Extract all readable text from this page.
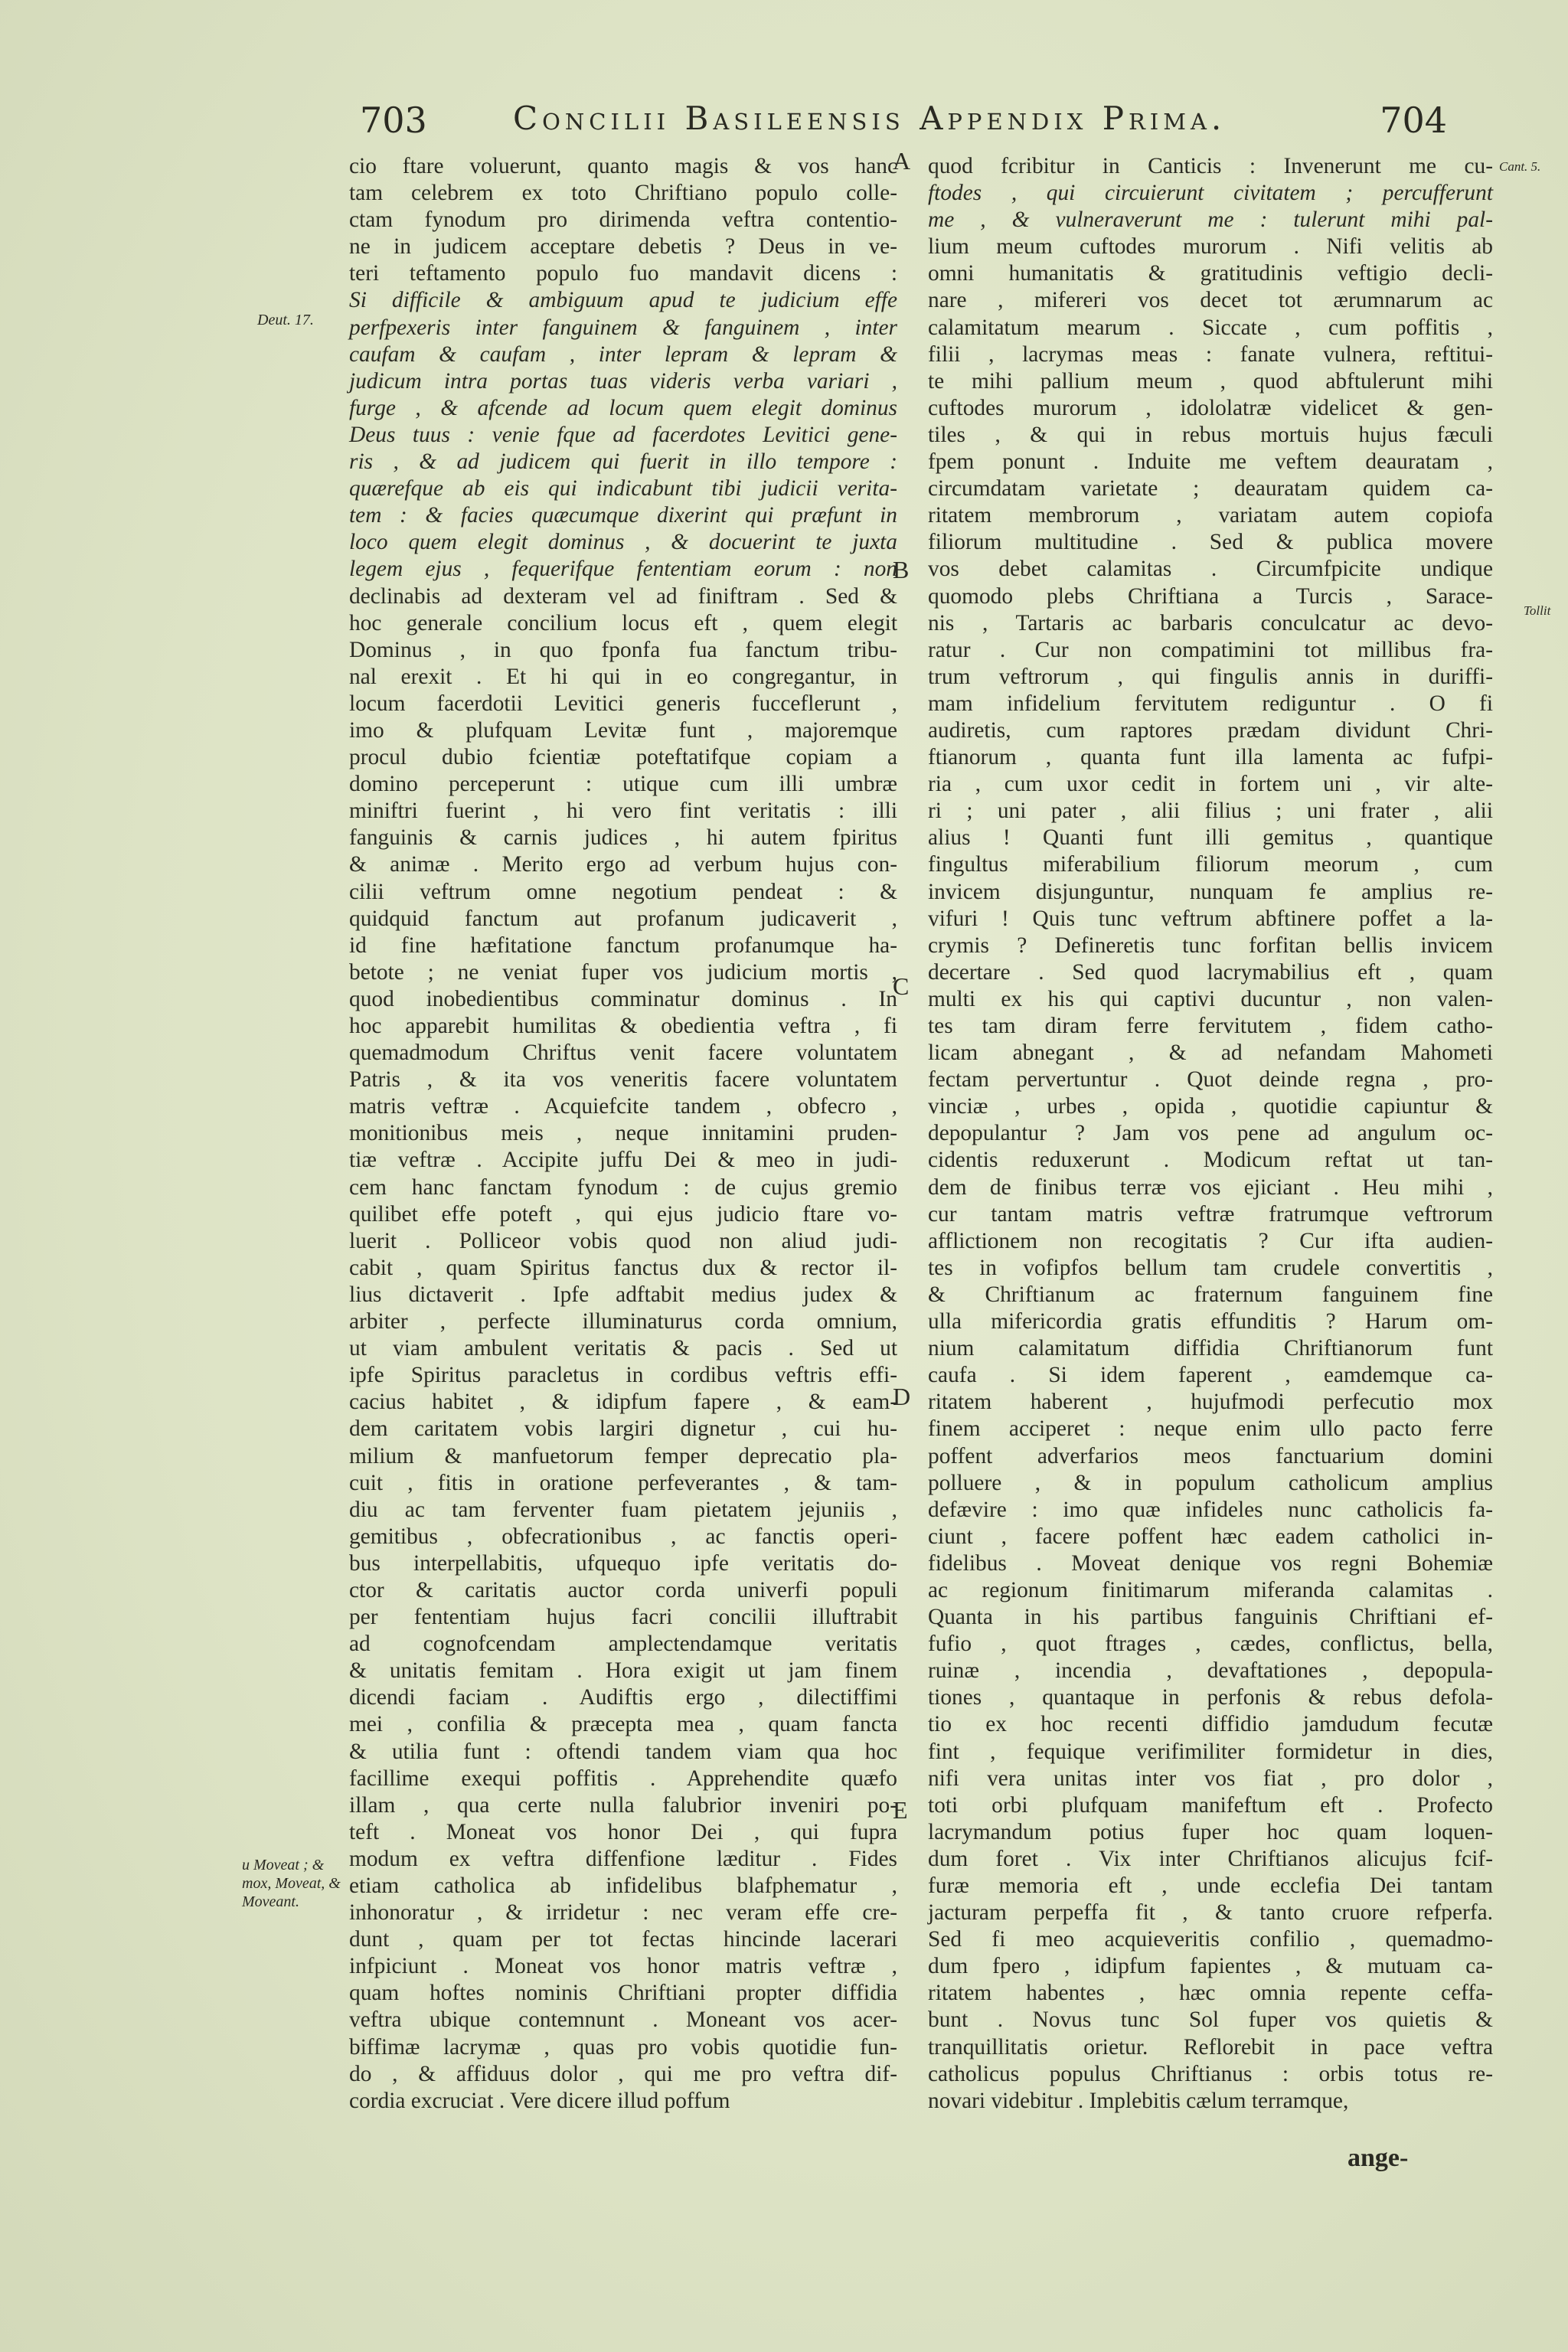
703	Concilii Basileensis Appendix Prima.	704
A
B
C
D
E
Deut. 17.
Cant. 5.
Tollit
u Moveat ; & mox, Moveat, & Moveant.
cio ftare voluerunt, quanto magis & vos hanc
tam celebrem ex toto Chriftiano populo colle-
ctam fynodum pro dirimenda veftra contentio-
ne in judicem acceptare debetis ? Deus in ve-
teri teftamento populo fuo mandavit dicens :
Si difficile & ambiguum apud te judicium effe
perfpexeris inter fanguinem & fanguinem , inter
caufam & caufam , inter lepram & lepram &
judicum intra portas tuas videris verba variari ,
furge , & afcende ad locum quem elegit dominus
Deus tuus : venie fque ad facerdotes Levitici gene-
ris , & ad judicem qui fuerit in illo tempore :
quærefque ab eis qui indicabunt tibi judicii verita-
tem : & facies quæcumque dixerint qui præfunt in
loco quem elegit dominus , & docuerint te juxta
legem ejus , fequerifque fententiam eorum : non
declinabis ad dexteram vel ad finiftram . Sed &
hoc generale concilium locus eft , quem elegit
Dominus , in quo fponfa fua fanctum tribu-
nal erexit . Et hi qui in eo congregantur, in
locum facerdotii Levitici generis fucceflerunt ,
imo & plufquam Levitæ funt , majoremque
procul dubio fcientiæ poteftatifque copiam a
domino perceperunt : utique cum illi umbræ
miniftri fuerint , hi vero fint veritatis : illi
fanguinis & carnis judices , hi autem fpiritus
& animæ . Merito ergo ad verbum hujus con-
cilii veftrum omne negotium pendeat : &
quidquid fanctum aut profanum judicaverit ,
id fine hæfitatione fanctum profanumque ha-
betote ; ne veniat fuper vos judicium mortis ,
quod inobedientibus comminatur dominus . In
hoc apparebit humilitas & obedientia veftra , fi
quemadmodum Chriftus venit facere voluntatem
Patris , & ita vos veneritis facere voluntatem
matris veftræ . Acquiefcite tandem , obfecro ,
monitionibus meis , neque innitamini pruden-
tiæ veftræ . Accipite juffu Dei & meo in judi-
cem hanc fanctam fynodum : de cujus gremio
quilibet effe poteft , qui ejus judicio ftare vo-
luerit . Polliceor vobis quod non aliud judi-
cabit , quam Spiritus fanctus dux & rector il-
lius dictaverit . Ipfe adftabit medius judex &
arbiter , perfecte illuminaturus corda omnium,
ut viam ambulent veritatis & pacis . Sed ut
ipfe Spiritus paracletus in cordibus veftris effi-
cacius habitet , & idipfum fapere , & eam-
dem caritatem vobis largiri dignetur , cui hu-
milium & manfuetorum femper deprecatio pla-
cuit , fitis in oratione perfeverantes , & tam-
diu ac tam ferventer fuam pietatem jejuniis ,
gemitibus , obfecrationibus , ac fanctis operi-
bus interpellabitis, ufquequo ipfe veritatis do-
ctor & caritatis auctor corda univerfi populi
per fententiam hujus facri concilii illuftrabit
ad cognofcendam amplectendamque veritatis
& unitatis femitam . Hora exigit ut jam finem
dicendi faciam . Audiftis ergo , dilectiffimi
mei , confilia & præcepta mea , quam fancta
& utilia funt : oftendi tandem viam qua hoc
facillime exequi poffitis . Apprehendite quæfo
illam , qua certe nulla falubrior inveniri po-
teft . Moneat vos honor Dei , qui fupra
modum ex veftra diffenfione læditur . Fides
etiam catholica ab infidelibus blafphematur ,
inhonoratur , & irridetur : nec veram effe cre-
dunt , quam per tot fectas hincinde lacerari
infpiciunt . Moneat vos honor matris veftræ ,
quam hoftes nominis Chriftiani propter diffidia
veftra ubique contemnunt . Moneant vos acer-
biffimæ lacrymæ , quas pro vobis quotidie fun-
do , & affiduus dolor , qui me pro veftra dif-
cordia excruciat . Vere dicere illud poffum
quod fcribitur in Canticis : Invenerunt me cu-
ftodes , qui circuierunt civitatem ; percufferunt
me , & vulneraverunt me : tulerunt mihi pal-
lium meum cuftodes murorum . Nifi velitis ab
omni humanitatis & gratitudinis veftigio decli-
nare , mifereri vos decet tot ærumnarum ac
calamitatum mearum . Siccate , cum poffitis ,
filii , lacrymas meas : fanate vulnera, reftitui-
te mihi pallium meum , quod abftulerunt mihi
cuftodes murorum , idololatræ videlicet & gen-
tiles , & qui in rebus mortuis hujus fæculi
fpem ponunt . Induite me veftem deauratam ,
circumdatam varietate ; deauratam quidem ca-
ritatem membrorum , variatam autem copiofa
filiorum multitudine . Sed & publica movere
vos debet calamitas . Circumfpicite undique
quomodo plebs Chriftiana a Turcis , Sarace-
nis , Tartaris ac barbaris conculcatur ac devo-
ratur . Cur non compatimini tot millibus fra-
trum veftrorum , qui fingulis annis in duriffi-
mam infidelium fervitutem rediguntur . O fi
audiretis, cum raptores prædam dividunt Chri-
ftianorum , quanta funt illa lamenta ac fufpi-
ria , cum uxor cedit in fortem uni , vir alte-
ri ; uni pater , alii filius ; uni frater , alii
alius ! Quanti funt illi gemitus , quantique
fingultus miferabilium filiorum meorum , cum
invicem disjunguntur, nunquam fe amplius re-
vifuri ! Quis tunc veftrum abftinere poffet a la-
crymis ? Defineretis tunc forfitan bellis invicem
decertare . Sed quod lacrymabilius eft , quam
multi ex his qui captivi ducuntur , non valen-
tes tam diram ferre fervitutem , fidem catho-
licam abnegant , & ad nefandam Mahometi
fectam pervertuntur . Quot deinde regna , pro-
vinciæ , urbes , opida , quotidie capiuntur &
depopulantur ? Jam vos pene ad angulum oc-
cidentis reduxerunt . Modicum reftat ut tan-
dem de finibus terræ vos ejiciant . Heu mihi ,
cur tantam matris veftræ fratrumque veftrorum
afflictionem non recogitatis ? Cur ifta audien-
tes in vofipfos bellum tam crudele convertitis ,
& Chriftianum ac fraternum fanguinem fine
ulla mifericordia gratis effunditis ? Harum om-
nium calamitatum diffidia Chriftianorum funt
caufa . Si idem faperent , eamdemque ca-
ritatem haberent , hujufmodi perfecutio mox
finem acciperet : neque enim ullo pacto ferre
poffent adverfarios meos fanctuarium domini
polluere , & in populum catholicum amplius
defævire : imo quæ infideles nunc catholicis fa-
ciunt , facere poffent hæc eadem catholici in-
fidelibus . Moveat denique vos regni Bohemiæ
ac regionum finitimarum miferanda calamitas .
Quanta in his partibus fanguinis Chriftiani ef-
fufio , quot ftrages , cædes, conflictus, bella,
ruinæ , incendia , devaftationes , depopula-
tiones , quantaque in perfonis & rebus defola-
tio ex hoc recenti diffidio jamdudum fecutæ
fint , fequique verifimiliter formidetur in dies,
nifi vera unitas inter vos fiat , pro dolor ,
toti orbi plufquam manifeftum eft . Profecto
lacrymandum potius fuper hoc quam loquen-
dum foret . Vix inter Chriftianos alicujus fcif-
furæ memoria eft , unde ecclefia Dei tantam
jacturam perpeffa fit , & tanto cruore refperfa.
Sed fi meo acquieveritis confilio , quemadmo-
dum fpero , idipfum fapientes , & mutuam ca-
ritatem habentes , hæc omnia repente ceffa-
bunt . Novus tunc Sol fuper vos quietis &
tranquillitatis orietur. Reflorebit in pace veftra
catholicus populus Chriftianus : orbis totus re-
novari videbitur . Implebitis cælum terramque,
ange-
